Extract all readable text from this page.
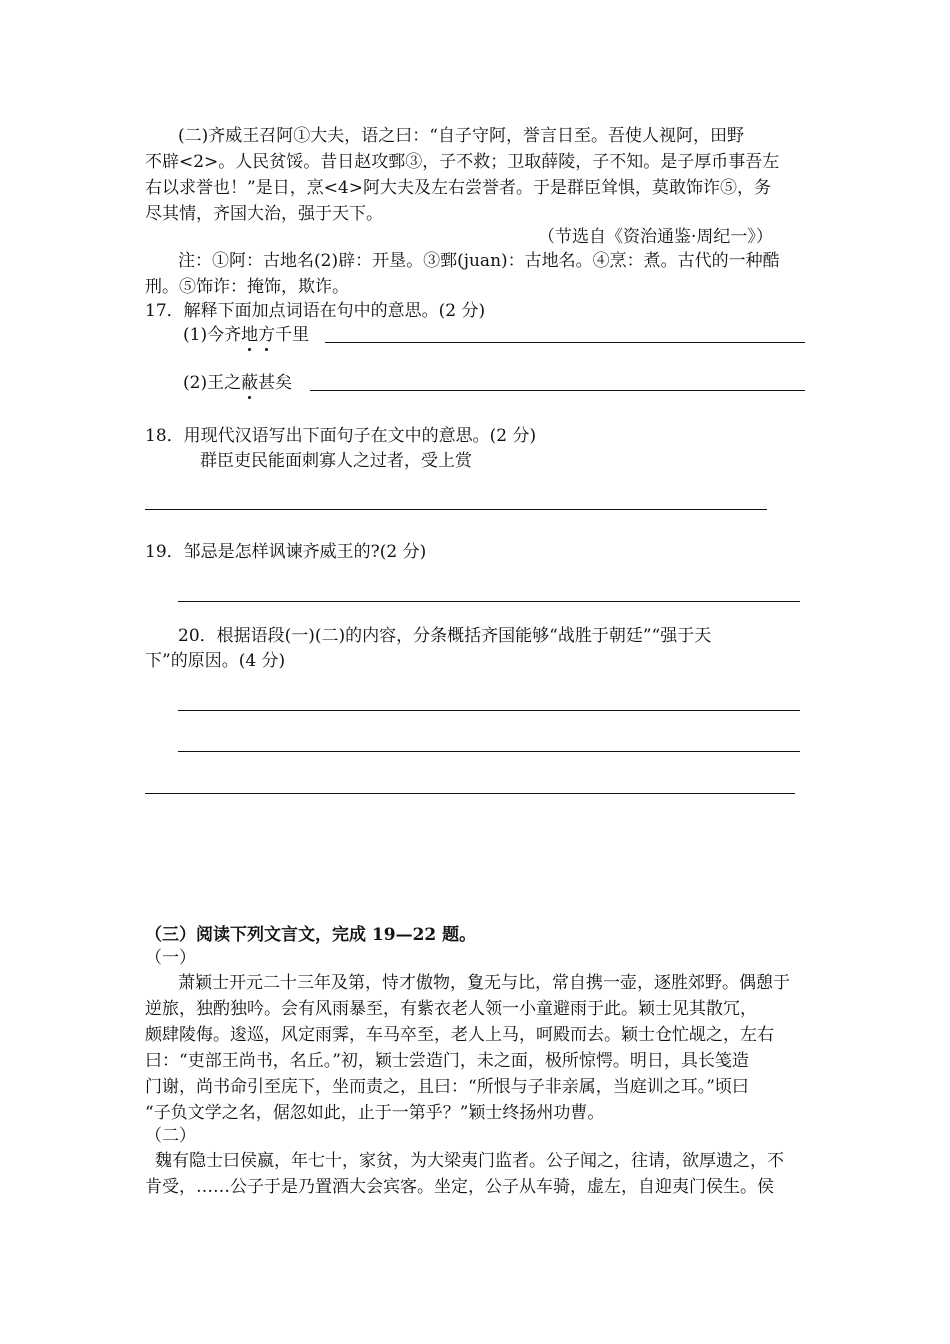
(二)齐威王召阿①大夫，语之曰：“自子守阿，誉言日至。吾使人视阿，田野
不辟<2>。人民贫馁。昔日赵攻鄄③，子不救；卫取薛陵，子不知。是子厚币事吾左
右以求誉也！”是日，烹<4>阿大夫及左右尝誉者。于是群臣耸惧，莫敢饰诈⑤，务
尽其情，齐国大治，强于天下。
（节选自《资治通鉴·周纪一》）
注：①阿：古地名(2)辟：开垦。③鄄(juan)：古地名。④烹：煮。古代的一种酷
刑。⑤饰诈：掩饰，欺诈。
17．解释下面加点词语在句中的意思。(2 分)
(1)今齐地方千里
(2)王之蔽甚矣
18．用现代汉语写出下面句子在文中的意思。(2 分)
群臣吏民能面刺寡人之过者，受上赏
19．邹忌是怎样讽谏齐威王的?(2 分)
20．根据语段(一)(二)的内容，分条概括齐国能够“战胜于朝廷”“强于天
下”的原因。(4 分)
（三）阅读下列文言文，完成 19—22 题。
（一）
萧颖士开元二十三年及第，恃才傲物，夐无与比，常自携一壶，逐胜郊野。偶憩于
逆旅，独酌独吟。会有风雨暴至，有紫衣老人领一小童避雨于此。颖士见其散冗，
颇肆陵侮。逡巡，风定雨霁，车马卒至，老人上马，呵殿而去。颖士仓忙觇之，左右
曰：“吏部王尚书，名丘。”初，颖士尝造门，未之面，极所惊愕。明日，具长笺造
门谢，尚书命引至庑下，坐而责之，且曰：“所恨与子非亲属，当庭训之耳。”顷曰
“子负文学之名，倨忽如此，止于一第乎？”颖士终扬州功曹。
（二）
魏有隐士曰侯嬴，年七十，家贫，为大梁夷门监者。公子闻之，往请，欲厚遗之，不
肯受，……公子于是乃置酒大会宾客。坐定，公子从车骑，虚左，自迎夷门侯生。侯
